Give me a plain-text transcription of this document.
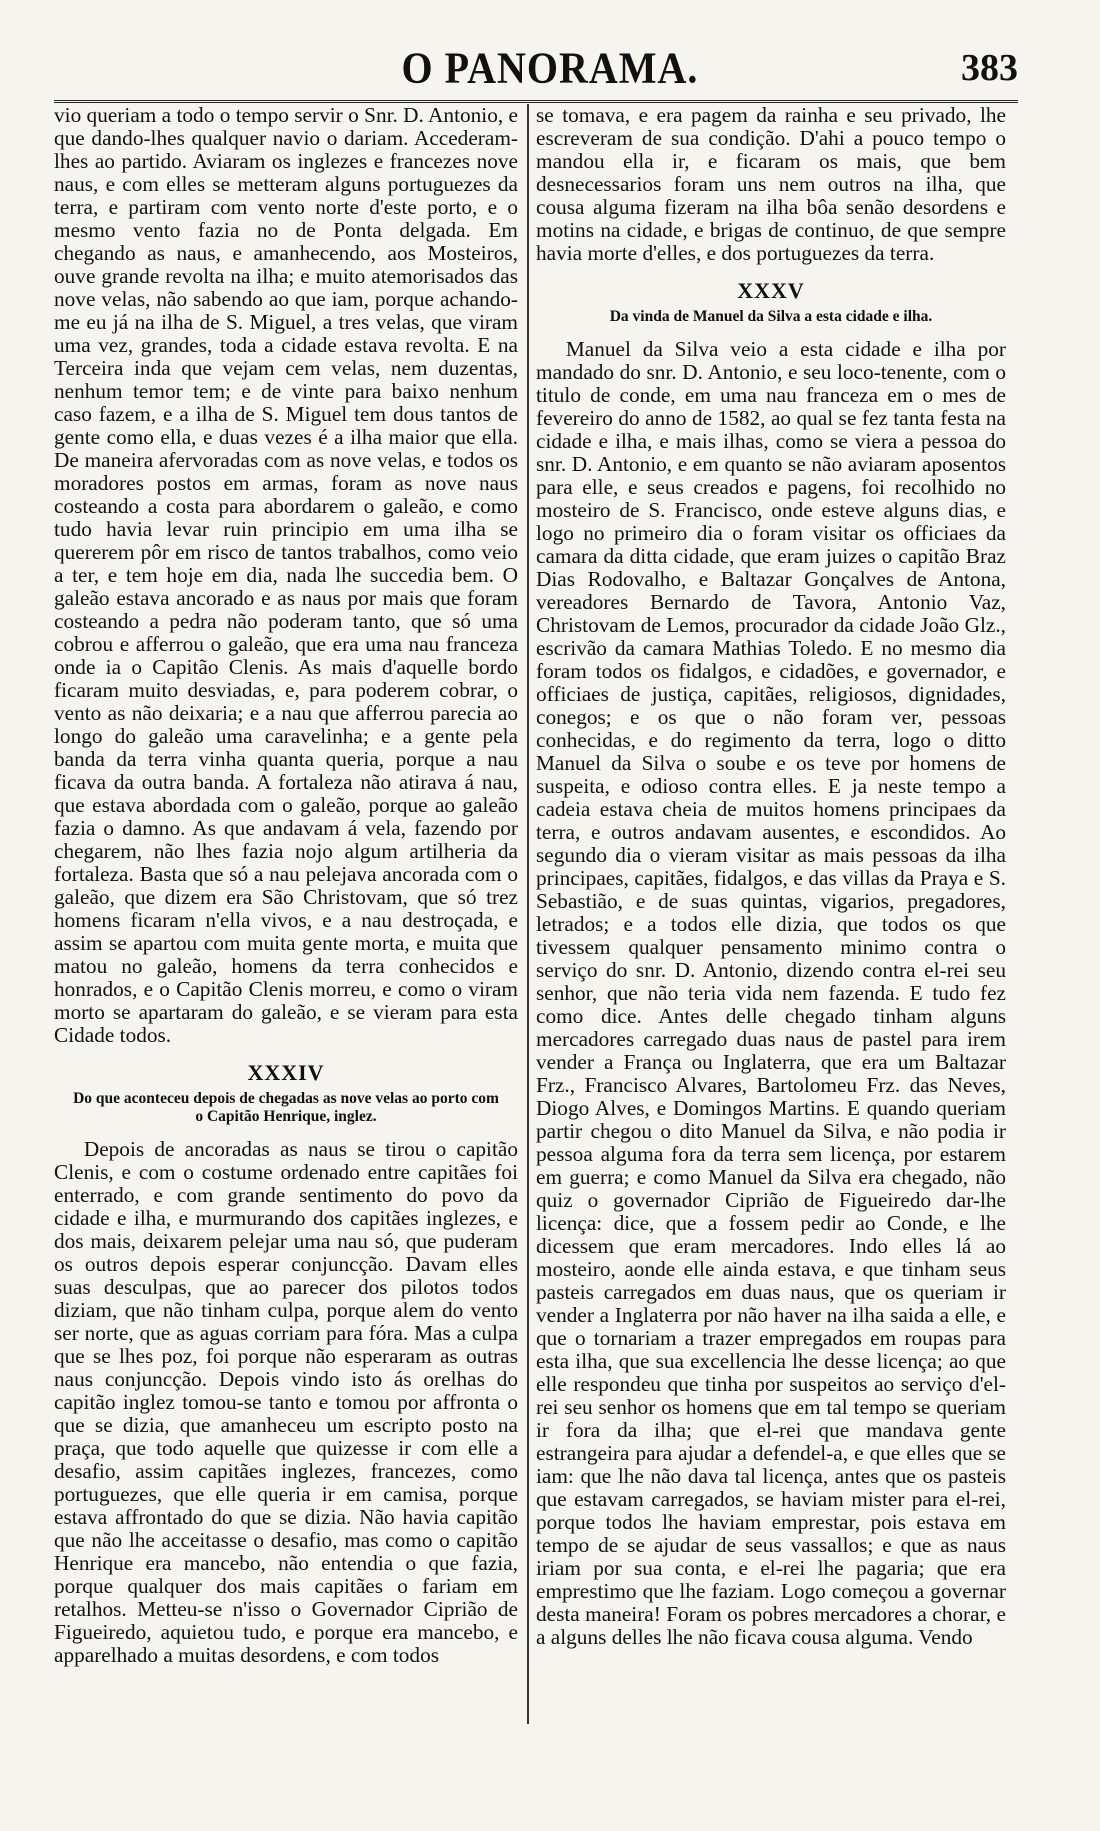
O PANORAMA.	383

vio queriam a todo o tempo servir o Snr. D. Antonio, e que dando-lhes qualquer navio o dariam. Accederam-lhes ao partido. Aviaram os inglezes e francezes nove naus, e com elles se metteram alguns portuguezes da terra, e partiram com vento norte d'este porto, e o mesmo vento fazia no de Ponta delgada. Em chegando as naus, e amanhecendo, aos Mosteiros, ouve grande revolta na ilha; e muito atemorisados das nove velas, não sabendo ao que iam, porque achando-me eu já na ilha de S. Miguel, a tres velas, que viram uma vez, grandes, toda a cidade estava revolta. E na Terceira inda que vejam cem velas, nem duzentas, nenhum temor tem; e de vinte para baixo nenhum caso fazem, e a ilha de S. Miguel tem dous tantos de gente como ella, e duas vezes é a ilha maior que ella. De maneira afervoradas com as nove velas, e todos os moradores postos em armas, foram as nove naus costeando a costa para abordarem o galeão, e como tudo havia levar ruin principio em uma ilha se quererem pôr em risco de tantos trabalhos, como veio a ter, e tem hoje em dia, nada lhe succedia bem. O galeão estava ancorado e as naus por mais que foram costeando a pedra não poderam tanto, que só uma cobrou e afferrou o galeão, que era uma nau franceza onde ia o Capitão Clenis. As mais d'aquelle bordo ficaram muito desviadas, e, para poderem cobrar, o vento as não deixaria; e a nau que afferrou parecia ao longo do galeão uma caravelinha; e a gente pela banda da terra vinha quanta queria, porque a nau ficava da outra banda. A fortaleza não atirava á nau, que estava abordada com o galeão, porque ao galeão fazia o damno. As que andavam á vela, fazendo por chegarem, não lhes fazia nojo algum artilheria da fortaleza. Basta que só a nau pelejava ancorada com o galeão, que dizem era São Christovam, que só trez homens ficaram n'ella vivos, e a nau destroçada, e assim se apartou com muita gente morta, e muita que matou no galeão, homens da terra conhecidos e honrados, e o Capitão Clenis morreu, e como o viram morto se apartaram do galeão, e se vieram para esta Cidade todos.

XXXIV
Do que aconteceu depois de chegadas as nove velas ao porto com o Capitão Henrique, inglez.

Depois de ancoradas as naus se tirou o capitão Clenis, e com o costume ordenado entre capitães foi enterrado, e com grande sentimento do povo da cidade e ilha, e murmurando dos capitães inglezes, e dos mais, deixarem pelejar uma nau só, que puderam os outros depois esperar conjuncção. Davam elles suas desculpas, que ao parecer dos pilotos todos diziam, que não tinham culpa, porque alem do vento ser norte, que as aguas corriam para fóra. Mas a culpa que se lhes poz, foi porque não esperaram as outras naus conjuncção. Depois vindo isto ás orelhas do capitão inglez tomou-se tanto e tomou por affronta o que se dizia, que amanheceu um escripto posto na praça, que todo aquelle que quizesse ir com elle a desafio, assim capitães inglezes, francezes, como portuguezes, que elle queria ir em camisa, porque estava affrontado do que se dizia. Não havia capitão que não lhe acceitasse o desafio, mas como o capitão Henrique era mancebo, não entendia o que fazia, porque qualquer dos mais capitães o fariam em retalhos. Metteu-se n'isso o Governador Ciprião de Figueiredo, aquietou tudo, e porque era mancebo, e apparelhado a muitas desordens, e com todos

se tomava, e era pagem da rainha e seu privado, lhe escreveram de sua condição. D'ahi a pouco tempo o mandou ella ir, e ficaram os mais, que bem desnecessarios foram uns nem outros na ilha, que cousa alguma fizeram na ilha bôa senão desordens e motins na cidade, e brigas de continuo, de que sempre havia morte d'elles, e dos portuguezes da terra.

XXXV
Da vinda de Manuel da Silva a esta cidade e ilha.

Manuel da Silva veio a esta cidade e ilha por mandado do snr. D. Antonio, e seu loco-tenente, com o titulo de conde, em uma nau franceza em o mes de fevereiro do anno de 1582, ao qual se fez tanta festa na cidade e ilha, e mais ilhas, como se viera a pessoa do snr. D. Antonio, e em quanto se não aviaram aposentos para elle, e seus creados e pagens, foi recolhido no mosteiro de S. Francisco, onde esteve alguns dias, e logo no primeiro dia o foram visitar os officiaes da camara da ditta cidade, que eram juizes o capitão Braz Dias Rodovalho, e Baltazar Gonçalves de Antona, vereadores Bernardo de Tavora, Antonio Vaz, Christovam de Lemos, procurador da cidade João Glz., escrivão da camara Mathias Toledo. E no mesmo dia foram todos os fidalgos, e cidadões, e governador, e officiaes de justiça, capitães, religiosos, dignidades, conegos; e os que o não foram ver, pessoas conhecidas, e do regimento da terra, logo o ditto Manuel da Silva o soube e os teve por homens de suspeita, e odioso contra elles. E ja neste tempo a cadeia estava cheia de muitos homens principaes da terra, e outros andavam ausentes, e escondidos. Ao segundo dia o vieram visitar as mais pessoas da ilha principaes, capitães, fidalgos, e das villas da Praya e S. Sebastião, e de suas quintas, vigarios, pregadores, letrados; e a todos elle dizia, que todos os que tivessem qualquer pensamento minimo contra o serviço do snr. D. Antonio, dizendo contra el-rei seu senhor, que não teria vida nem fazenda. E tudo fez como dice. Antes delle chegado tinham alguns mercadores carregado duas naus de pastel para irem vender a França ou Inglaterra, que era um Baltazar Frz., Francisco Alvares, Bartolomeu Frz. das Neves, Diogo Alves, e Domingos Martins. E quando queriam partir chegou o dito Manuel da Silva, e não podia ir pessoa alguma fora da terra sem licença, por estarem em guerra; e como Manuel da Silva era chegado, não quiz o governador Ciprião de Figueiredo dar-lhe licença: dice, que a fossem pedir ao Conde, e lhe dicessem que eram mercadores. Indo elles lá ao mosteiro, aonde elle ainda estava, e que tinham seus pasteis carregados em duas naus, que os queriam ir vender a Inglaterra por não haver na ilha saida a elle, e que o tornariam a trazer empregados em roupas para esta ilha, que sua excellencia lhe desse licença; ao que elle respondeu que tinha por suspeitos ao serviço d'el-rei seu senhor os homens que em tal tempo se queriam ir fora da ilha; que el-rei que mandava gente estrangeira para ajudar a defendel-a, e que elles que se iam: que lhe não dava tal licença, antes que os pasteis que estavam carregados, se haviam mister para el-rei, porque todos lhe haviam emprestar, pois estava em tempo de se ajudar de seus vassallos; e que as naus iriam por sua conta, e el-rei lhe pagaria; que era emprestimo que lhe faziam. Logo começou a governar desta maneira! Foram os pobres mercadores a chorar, e a alguns delles lhe não ficava cousa alguma. Vendo
